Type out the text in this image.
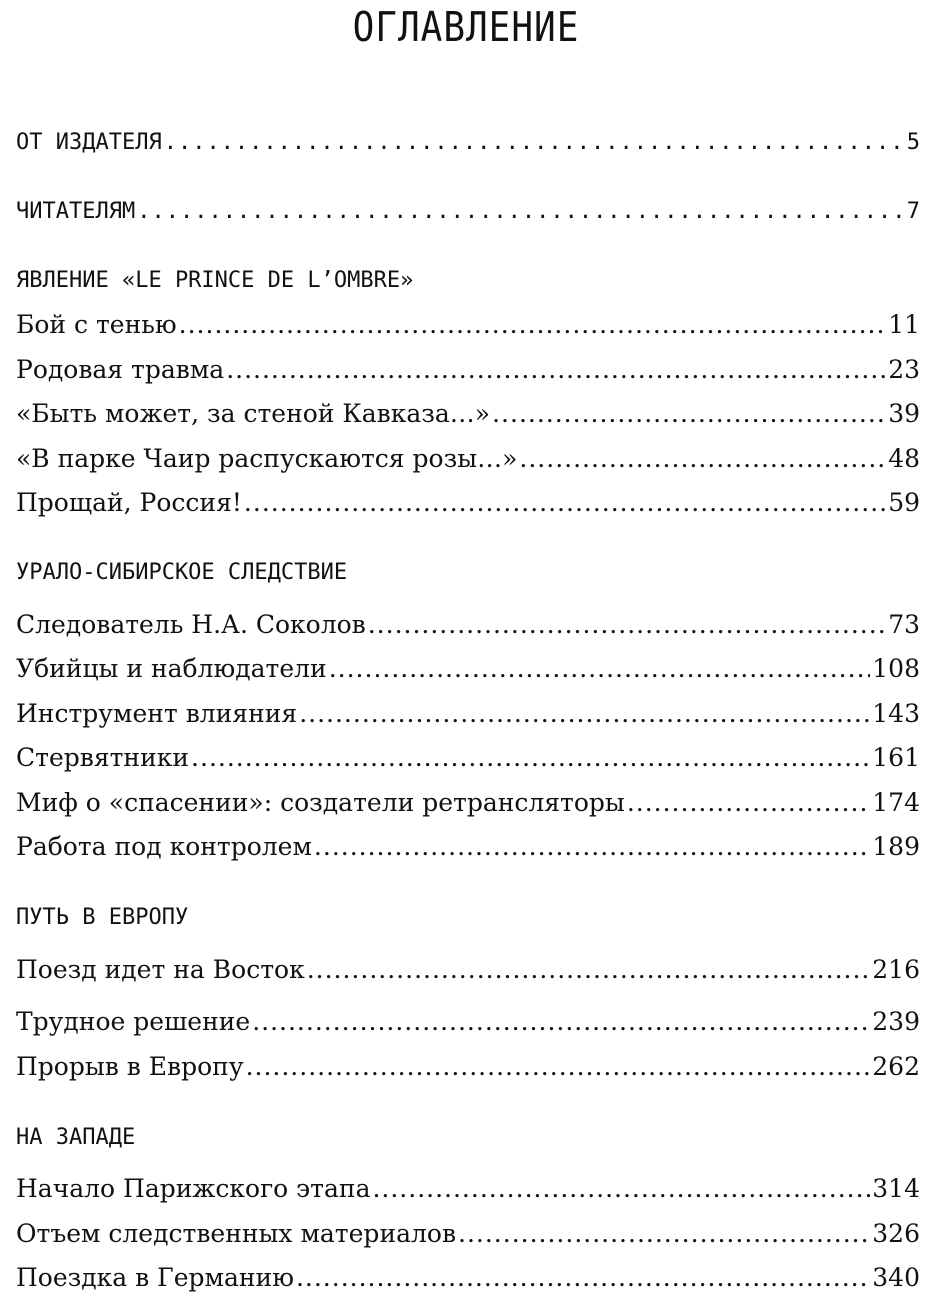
ОГЛАВЛЕНИЕ
ОТ ИЗДАТЕЛЯ .....	5
ЧИТАТЕЛЯМ .....	7
ЯВЛЕНИЕ «LE PRINCE DE L’OMBRE»
Бой с тенью .....	11
Родовая травма .....	23
«Быть может, за стеной Кавказа…» .....	39
«В парке Чаир распускаются розы…» .....	48
Прощай, Россия! .....	59
УРАЛО-СИБИРСКОЕ СЛЕДСТВИЕ
Следователь Н.А. Соколов .....	73
Убийцы и наблюдатели .....	108
Инструмент влияния .....	143
Стервятники .....	161
Миф о «спасении»: создатели ретрансляторы .....	174
Работа под контролем .....	189
ПУТЬ В ЕВРОПУ
Поезд идет на Восток .....	216
Трудное решение .....	239
Прорыв в Европу .....	262
НА ЗАПАДЕ
Начало Парижского этапа .....	314
Отъем следственных материалов .....	326
Поездка в Германию .....	340
